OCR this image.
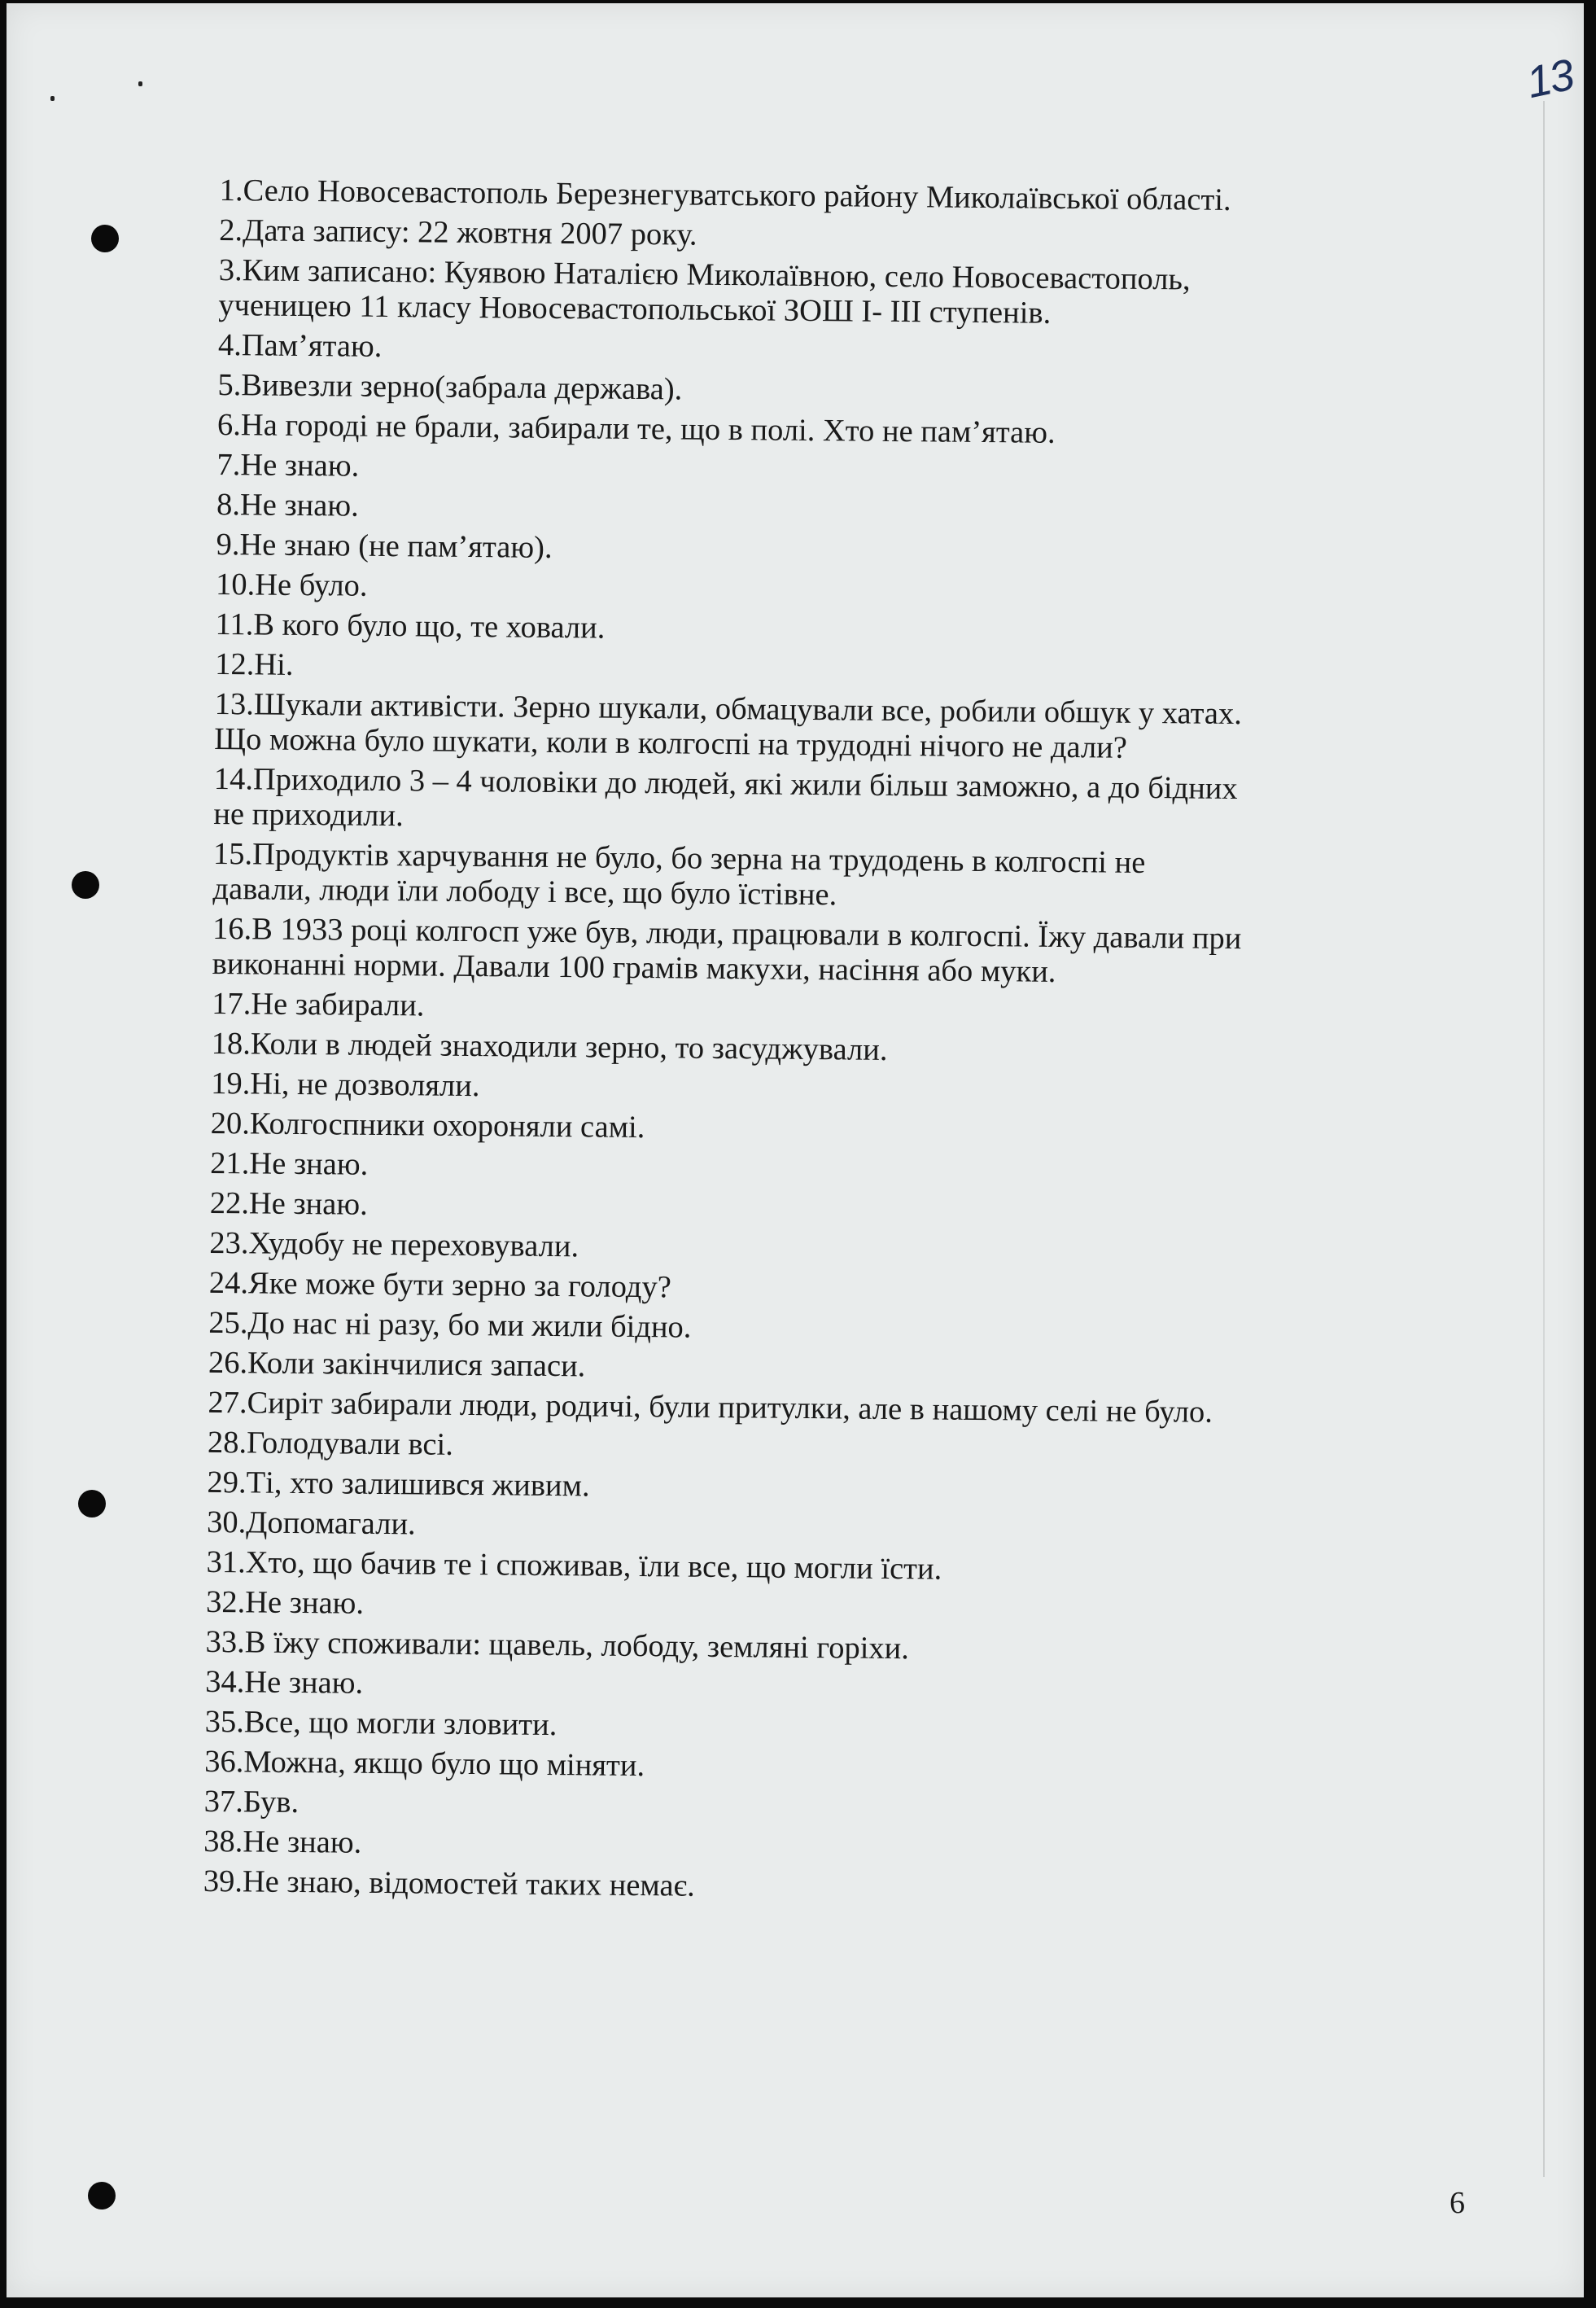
13
1.Село Новосевастополь Березнегуватського району Миколаївської області.
2.Дата запису: 22 жовтня 2007 року.
3.Ким записано: Куявою Наталією Миколаївною, село Новосевастополь,
ученицею 11 класу Новосевастопольської ЗОШ І- ІІІ ступенів.
4.Пам’ятаю.
5.Вивезли зерно(забрала держава).
6.На городі не брали, забирали те, що в полі. Хто не пам’ятаю.
7.Не знаю.
8.Не знаю.
9.Не знаю (не пам’ятаю).
10.Не було.
11.В кого було що, те ховали.
12.Ні.
13.Шукали активісти. Зерно шукали, обмацували все, робили обшук у хатах.
Що можна було шукати, коли в колгоспі на трудодні нічого не дали?
14.Приходило 3 – 4 чоловіки до людей, які жили більш заможно, а до бідних
не приходили.
15.Продуктів харчування не було, бо зерна на трудодень в колгоспі не
давали, люди їли лободу і все, що було їстівне.
16.В 1933 році колгосп уже був, люди, працювали в колгоспі. Їжу давали при
виконанні норми. Давали 100 грамів макухи, насіння або муки.
17.Не забирали.
18.Коли в людей знаходили зерно, то засуджували.
19.Ні, не дозволяли.
20.Колгоспники охороняли самі.
21.Не знаю.
22.Не знаю.
23.Худобу не переховували.
24.Яке може бути зерно за голоду?
25.До нас ні разу, бо ми жили бідно.
26.Коли закінчилися запаси.
27.Сиріт забирали люди, родичі, були притулки, але в нашому селі не було.
28.Голодували всі.
29.Ті, хто залишився живим.
30.Допомагали.
31.Хто, що бачив те і споживав, їли все, що могли їсти.
32.Не знаю.
33.В їжу споживали: щавель, лободу, земляні горіхи.
34.Не знаю.
35.Все, що могли зловити.
36.Можна, якщо було що міняти.
37.Був.
38.Не знаю.
39.Не знаю, відомостей таких немає.
6
